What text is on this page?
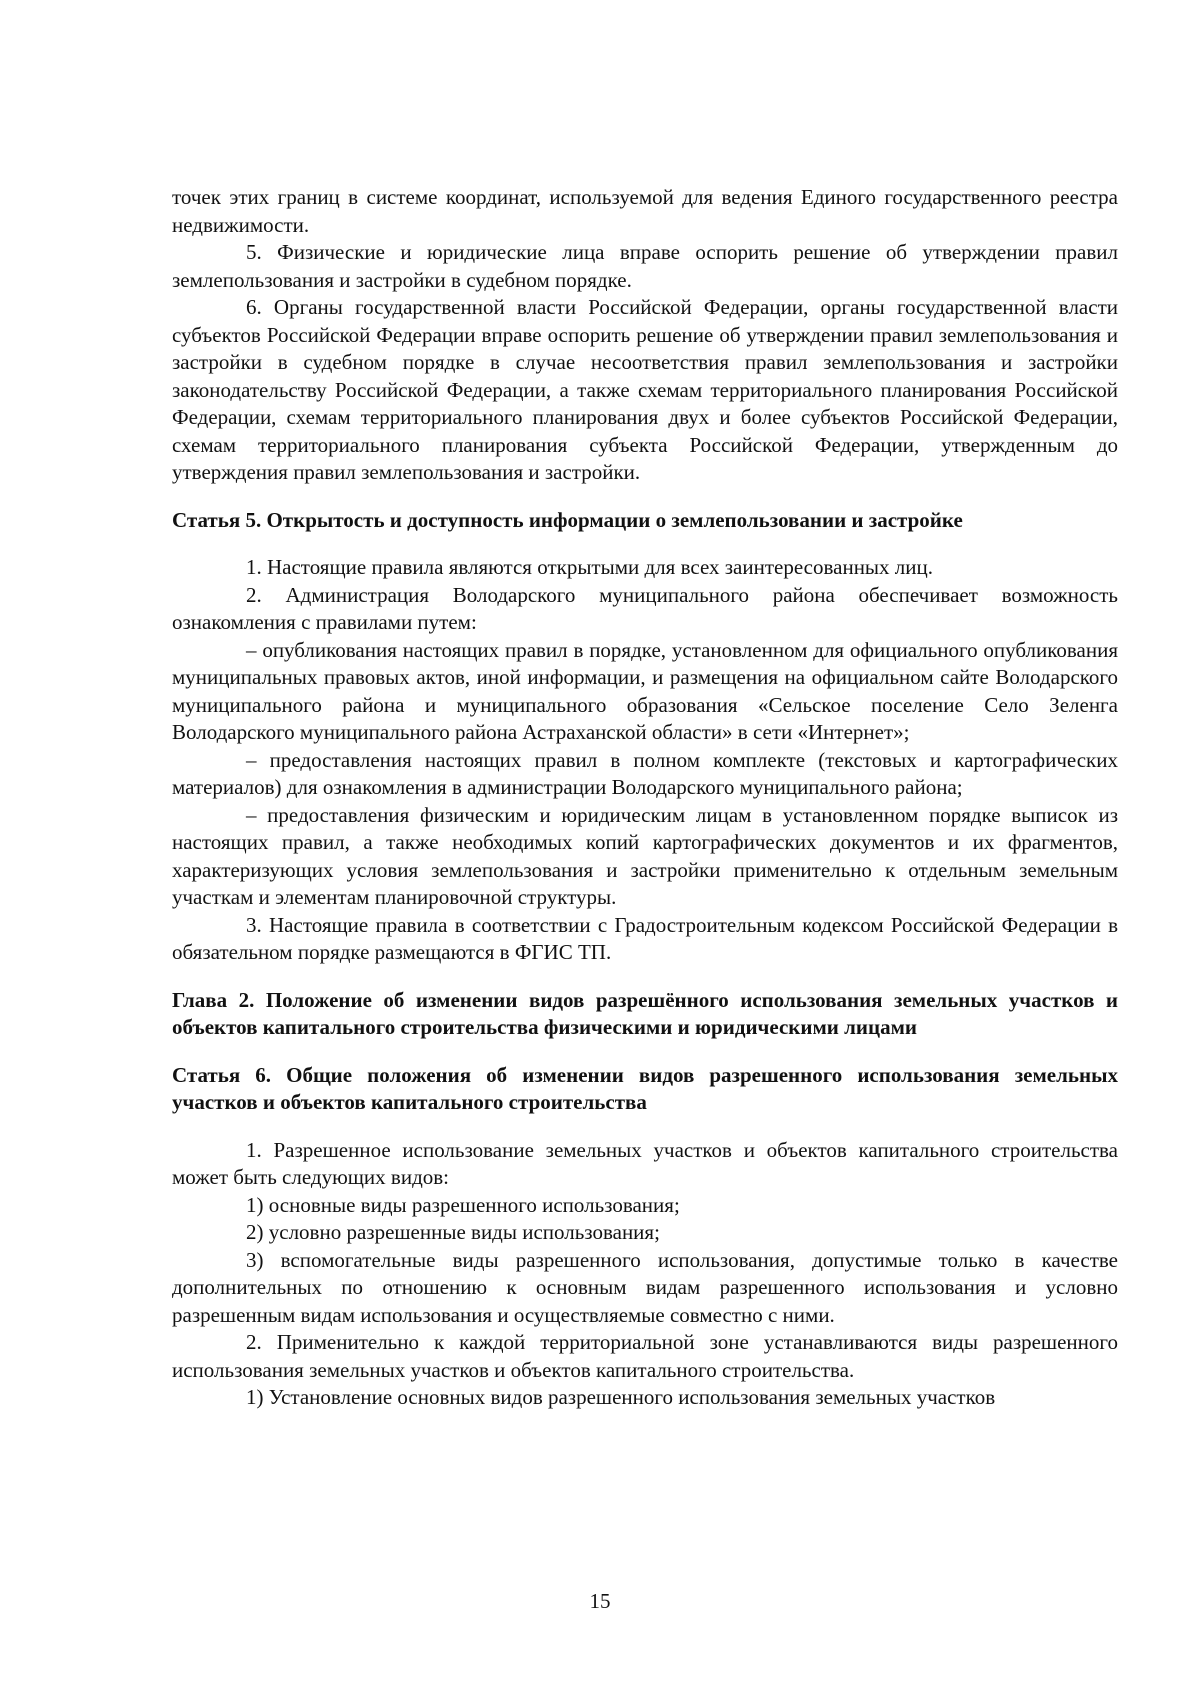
точек этих границ в системе координат, используемой для ведения Единого государственного реестра недвижимости.

5. Физические и юридические лица вправе оспорить решение об утверждении правил землепользования и застройки в судебном порядке.

6. Органы государственной власти Российской Федерации, органы государственной власти субъектов Российской Федерации вправе оспорить решение об утверждении правил землепользования и застройки в судебном порядке в случае несоответствия правил землепользования и застройки законодательству Российской Федерации, а также схемам территориального планирования Российской Федерации, схемам территориального планирования двух и более субъектов Российской Федерации, схемам территориального планирования субъекта Российской Федерации, утвержденным до утверждения правил землепользования и застройки.

Статья 5. Открытость и доступность информации о землепользовании и застройке

1. Настоящие правила являются открытыми для всех заинтересованных лиц.

2. Администрация Володарского муниципального района обеспечивает возможность ознакомления с правилами путем:

– опубликования настоящих правил в порядке, установленном для официального опубликования муниципальных правовых актов, иной информации, и размещения на официальном сайте Володарского муниципального района и муниципального образования «Сельское поселение Село Зеленга Володарского муниципального района Астраханской области» в сети «Интернет»;

– предоставления настоящих правил в полном комплекте (текстовых и картографических материалов) для ознакомления в администрации Володарского муниципального района;

– предоставления физическим и юридическим лицам в установленном порядке выписок из настоящих правил, а также необходимых копий картографических документов и их фрагментов, характеризующих условия землепользования и застройки применительно к отдельным земельным участкам и элементам планировочной структуры.

3. Настоящие правила в соответствии с Градостроительным кодексом Российской Федерации в обязательном порядке размещаются в ФГИС ТП.

Глава 2. Положение об изменении видов разрешённого использования земельных участков и объектов капитального строительства физическими и юридическими лицами

Статья 6. Общие положения об изменении видов разрешенного использования земельных участков и объектов капитального строительства

1. Разрешенное использование земельных участков и объектов капитального строительства может быть следующих видов:

1) основные виды разрешенного использования;

2) условно разрешенные виды использования;

3) вспомогательные виды разрешенного использования, допустимые только в качестве дополнительных по отношению к основным видам разрешенного использования и условно разрешенным видам использования и осуществляемые совместно с ними.

2. Применительно к каждой территориальной зоне устанавливаются виды разрешенного использования земельных участков и объектов капитального строительства.

1) Установление основных видов разрешенного использования земельных участков

15
